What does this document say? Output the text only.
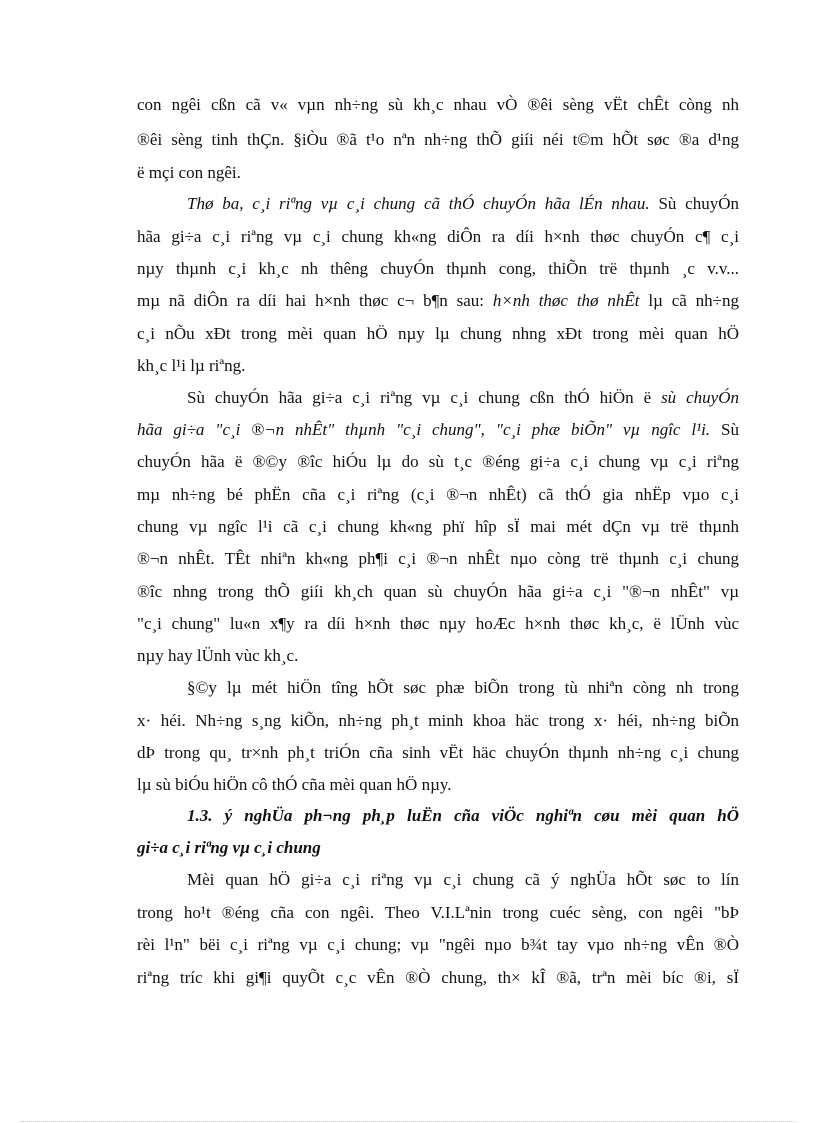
con ngêi cßn cã v« vµn nh÷ng sù kh¸c nhau vÒ ®êi sèng vËt chÊt còng nh
®êi sèng tinh thÇn. §iÒu ®ã t¹o nªn nh÷ng thÕ giíi néi t©m hÕt søc ®a d¹ng
ë mçi con ngêi.
Thø ba, c¸i riªng vµ c¸i chung cã thÓ chuyÓn hãa lÉn nhau. Sù chuyÓn
hãa gi÷a c¸i riªng vµ c¸i chung kh«ng diÔn ra díi h×nh thøc chuyÓn c¶ c¸i
nµy thµnh c¸i kh¸c nh thêng chuyÓn thµnh cong, thiÕn trë thµnh ¸c v.v...
mµ nã diÔn ra díi hai h×nh thøc c¬ b¶n sau: h×nh thøc thø nhÊt lµ cã nh÷ng
c¸i nÕu xÐt trong mèi quan hÖ nµy lµ chung nhng xÐt trong mèi quan hÖ
kh¸c l¹i lµ riªng.
Sù chuyÓn hãa gi÷a c¸i riªng vµ c¸i chung cßn thÓ hiÖn ë sù chuyÓn
hãa gi÷a "c¸i ®¬n nhÊt" thµnh "c¸i chung", "c¸i phæ biÕn" vµ ngîc l¹i. Sù
chuyÓn hãa ë ®©y ®îc hiÓu lµ do sù t¸c ®éng gi÷a c¸i chung vµ c¸i riªng
mµ nh÷ng bé phËn cña c¸i riªng (c¸i ®¬n nhÊt) cã thÓ gia nhËp vµo c¸i
chung vµ ngîc l¹i cã c¸i chung kh«ng phï hîp sÏ mai mét dÇn vµ trë thµnh
®¬n nhÊt. TÊt nhiªn kh«ng ph¶i c¸i ®¬n nhÊt nµo còng trë thµnh c¸i chung
®îc nhng trong thÕ giíi kh¸ch quan sù chuyÓn hãa gi÷a c¸i "®¬n nhÊt" vµ
"c¸i chung" lu«n x¶y ra díi h×nh thøc nµy hoÆc h×nh thøc kh¸c, ë lÜnh vùc
nµy hay lÜnh vùc kh¸c.
§©y lµ mét hiÖn tîng hÕt søc phæ biÕn trong tù nhiªn còng nh trong
x· héi. Nh÷ng s¸ng kiÕn, nh÷ng ph¸t minh khoa häc trong x· héi, nh÷ng biÕn
dÞ trong qu¸ tr×nh ph¸t triÓn cña sinh vËt häc chuyÓn thµnh nh÷ng c¸i chung
lµ sù biÓu hiÖn cô thÓ cña mèi quan hÖ nµy.
1.3. ý nghÜa ph¬ng ph¸p luËn cña viÖc nghiªn cøu mèi quan hÖ
gi÷a c¸i riªng vµ c¸i chung
Mèi quan hÖ gi÷a c¸i riªng vµ c¸i chung cã ý nghÜa hÕt søc to lín
trong ho¹t ®éng cña con ngêi. Theo V.I.Lªnin trong cuéc sèng, con ngêi "bÞ
rèi l¹n" bëi c¸i riªng vµ c¸i chung; vµ "ngêi nµo b¾t tay vµo nh÷ng vÊn ®Ò
riªng tríc khi gi¶i quyÕt c¸c vÊn ®Ò chung, th× kÎ ®ã, trªn mèi bíc ®i, sÏ
